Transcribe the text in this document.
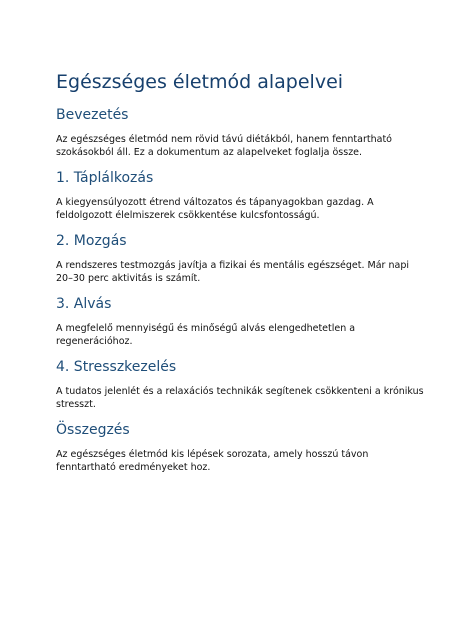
Egészséges életmód alapelvei
Bevezetés

Az egészséges életmód nem rövid távú diétákból, hanem fenntartható szokásokból áll. Ez a dokumentum az alapelveket foglalja össze.

1. Táplálkozás

A kiegyensúlyozott étrend változatos és tápanyagokban gazdag. A feldolgozott élelmiszerek csökkentése kulcsfontosságú.

2. Mozgás

A rendszeres testmozgás javítja a fizikai és mentális egészséget. Már napi 20–30 perc aktivitás is számít.

3. Alvás

A megfelelő mennyiségű és minőségű alvás elengedhetetlen a regenerációhoz.

4. Stresszkezelés

A tudatos jelenlét és a relaxációs technikák segítenek csökkenteni a krónikus stresszt.

Összegzés

Az egészséges életmód kis lépések sorozata, amely hosszú távon fenntartható eredményeket hoz.
